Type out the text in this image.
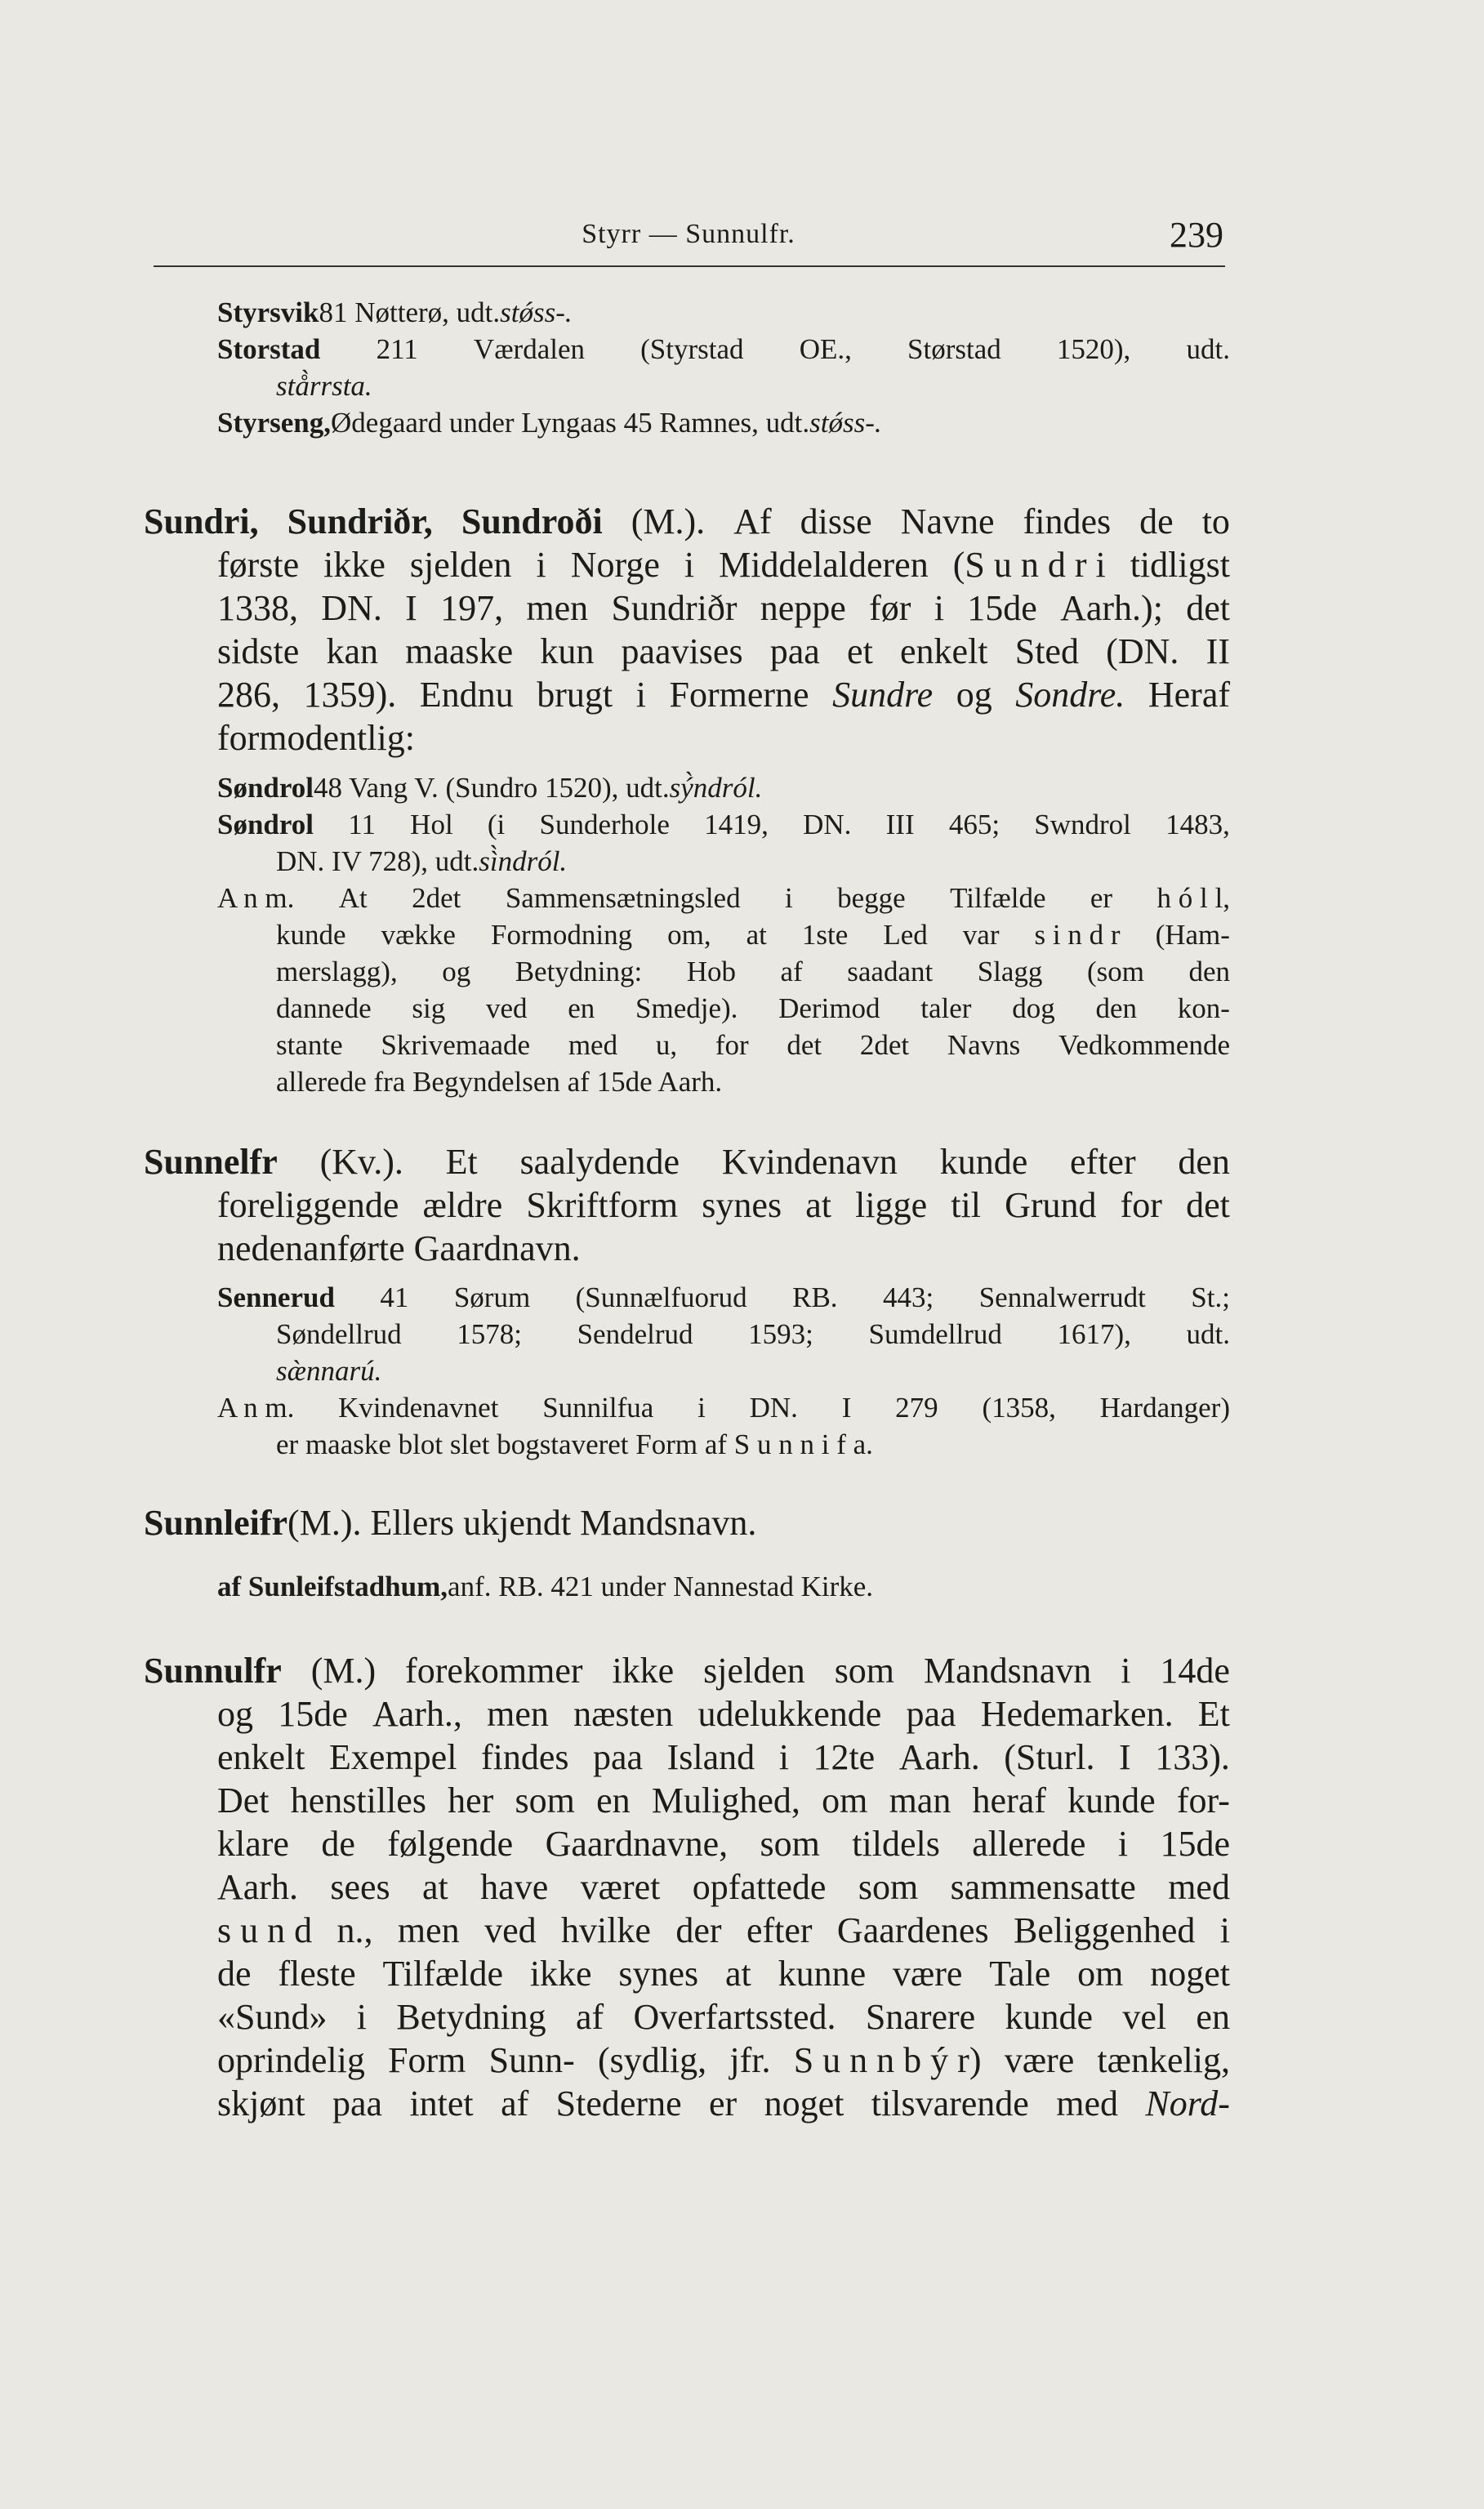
Styrr — Sunnulfr.	239
Styrsvik 81 Nøtterø, udt. stǿss-.
Storstad 211 Værdalen (Styrstad OE., Størstad 1520), udt.
stå̀rrsta.
Styrseng, Ødegaard under Lyngaas 45 Ramnes, udt. stǿss-.
Sundri, Sundriðr, Sundroði (M.). Af disse Navne findes de to
første ikke sjelden i Norge i Middelalderen (S u n d r i tidligst
1338, DN. I 197, men Sundriðr neppe før i 15de Aarh.); det
sidste kan maaske kun paavises paa et enkelt Sted (DN. II
286, 1359). Endnu brugt i Formerne Sundre og Sondre. Heraf
formodentlig:
Søndrol 48 Vang V. (Sundro 1520), udt. sý̀ndról.
Søndrol 11 Hol (i Sunderhole 1419, DN. III 465; Swndrol 1483,
DN. IV 728), udt. sì̀ndról.
A n m. At 2det Sammensætningsled i begge Tilfælde er h ó l l,
kunde vække Formodning om, at 1ste Led var s i n d r (Ham-
merslagg), og Betydning: Hob af saadant Slagg (som den
dannede sig ved en Smedje). Derimod taler dog den kon-
stante Skrivemaade med u, for det 2det Navns Vedkommende
allerede fra Begyndelsen af 15de Aarh.
Sunnelfr (Kv.). Et saalydende Kvindenavn kunde efter den
foreliggende ældre Skriftform synes at ligge til Grund for det
nedenanførte Gaardnavn.
Sennerud 41 Sørum (Sunnælfuorud RB. 443; Sennalwerrudt St.;
Søndellrud 1578; Sendelrud 1593; Sumdellrud 1617), udt.
sæ̀nnarú.
A n m. Kvindenavnet Sunnilfua i DN. I 279 (1358, Hardanger)
er maaske blot slet bogstaveret Form af S u n n i f a.
Sunnleifr (M.). Ellers ukjendt Mandsnavn.
af Sunleifstadhum, anf. RB. 421 under Nannestad Kirke.
Sunnulfr (M.) forekommer ikke sjelden som Mandsnavn i 14de
og 15de Aarh., men næsten udelukkende paa Hedemarken. Et
enkelt Exempel findes paa Island i 12te Aarh. (Sturl. I 133).
Det henstilles her som en Mulighed, om man heraf kunde for-
klare de følgende Gaardnavne, som tildels allerede i 15de
Aarh. sees at have været opfattede som sammensatte med
s u n d n., men ved hvilke der efter Gaardenes Beliggenhed i
de fleste Tilfælde ikke synes at kunne være Tale om noget
«Sund» i Betydning af Overfartssted. Snarere kunde vel en
oprindelig Form Sunn- (sydlig, jfr. S u n n b ý r) være tænkelig,
skjønt paa intet af Stederne er noget tilsvarende med Nord-
